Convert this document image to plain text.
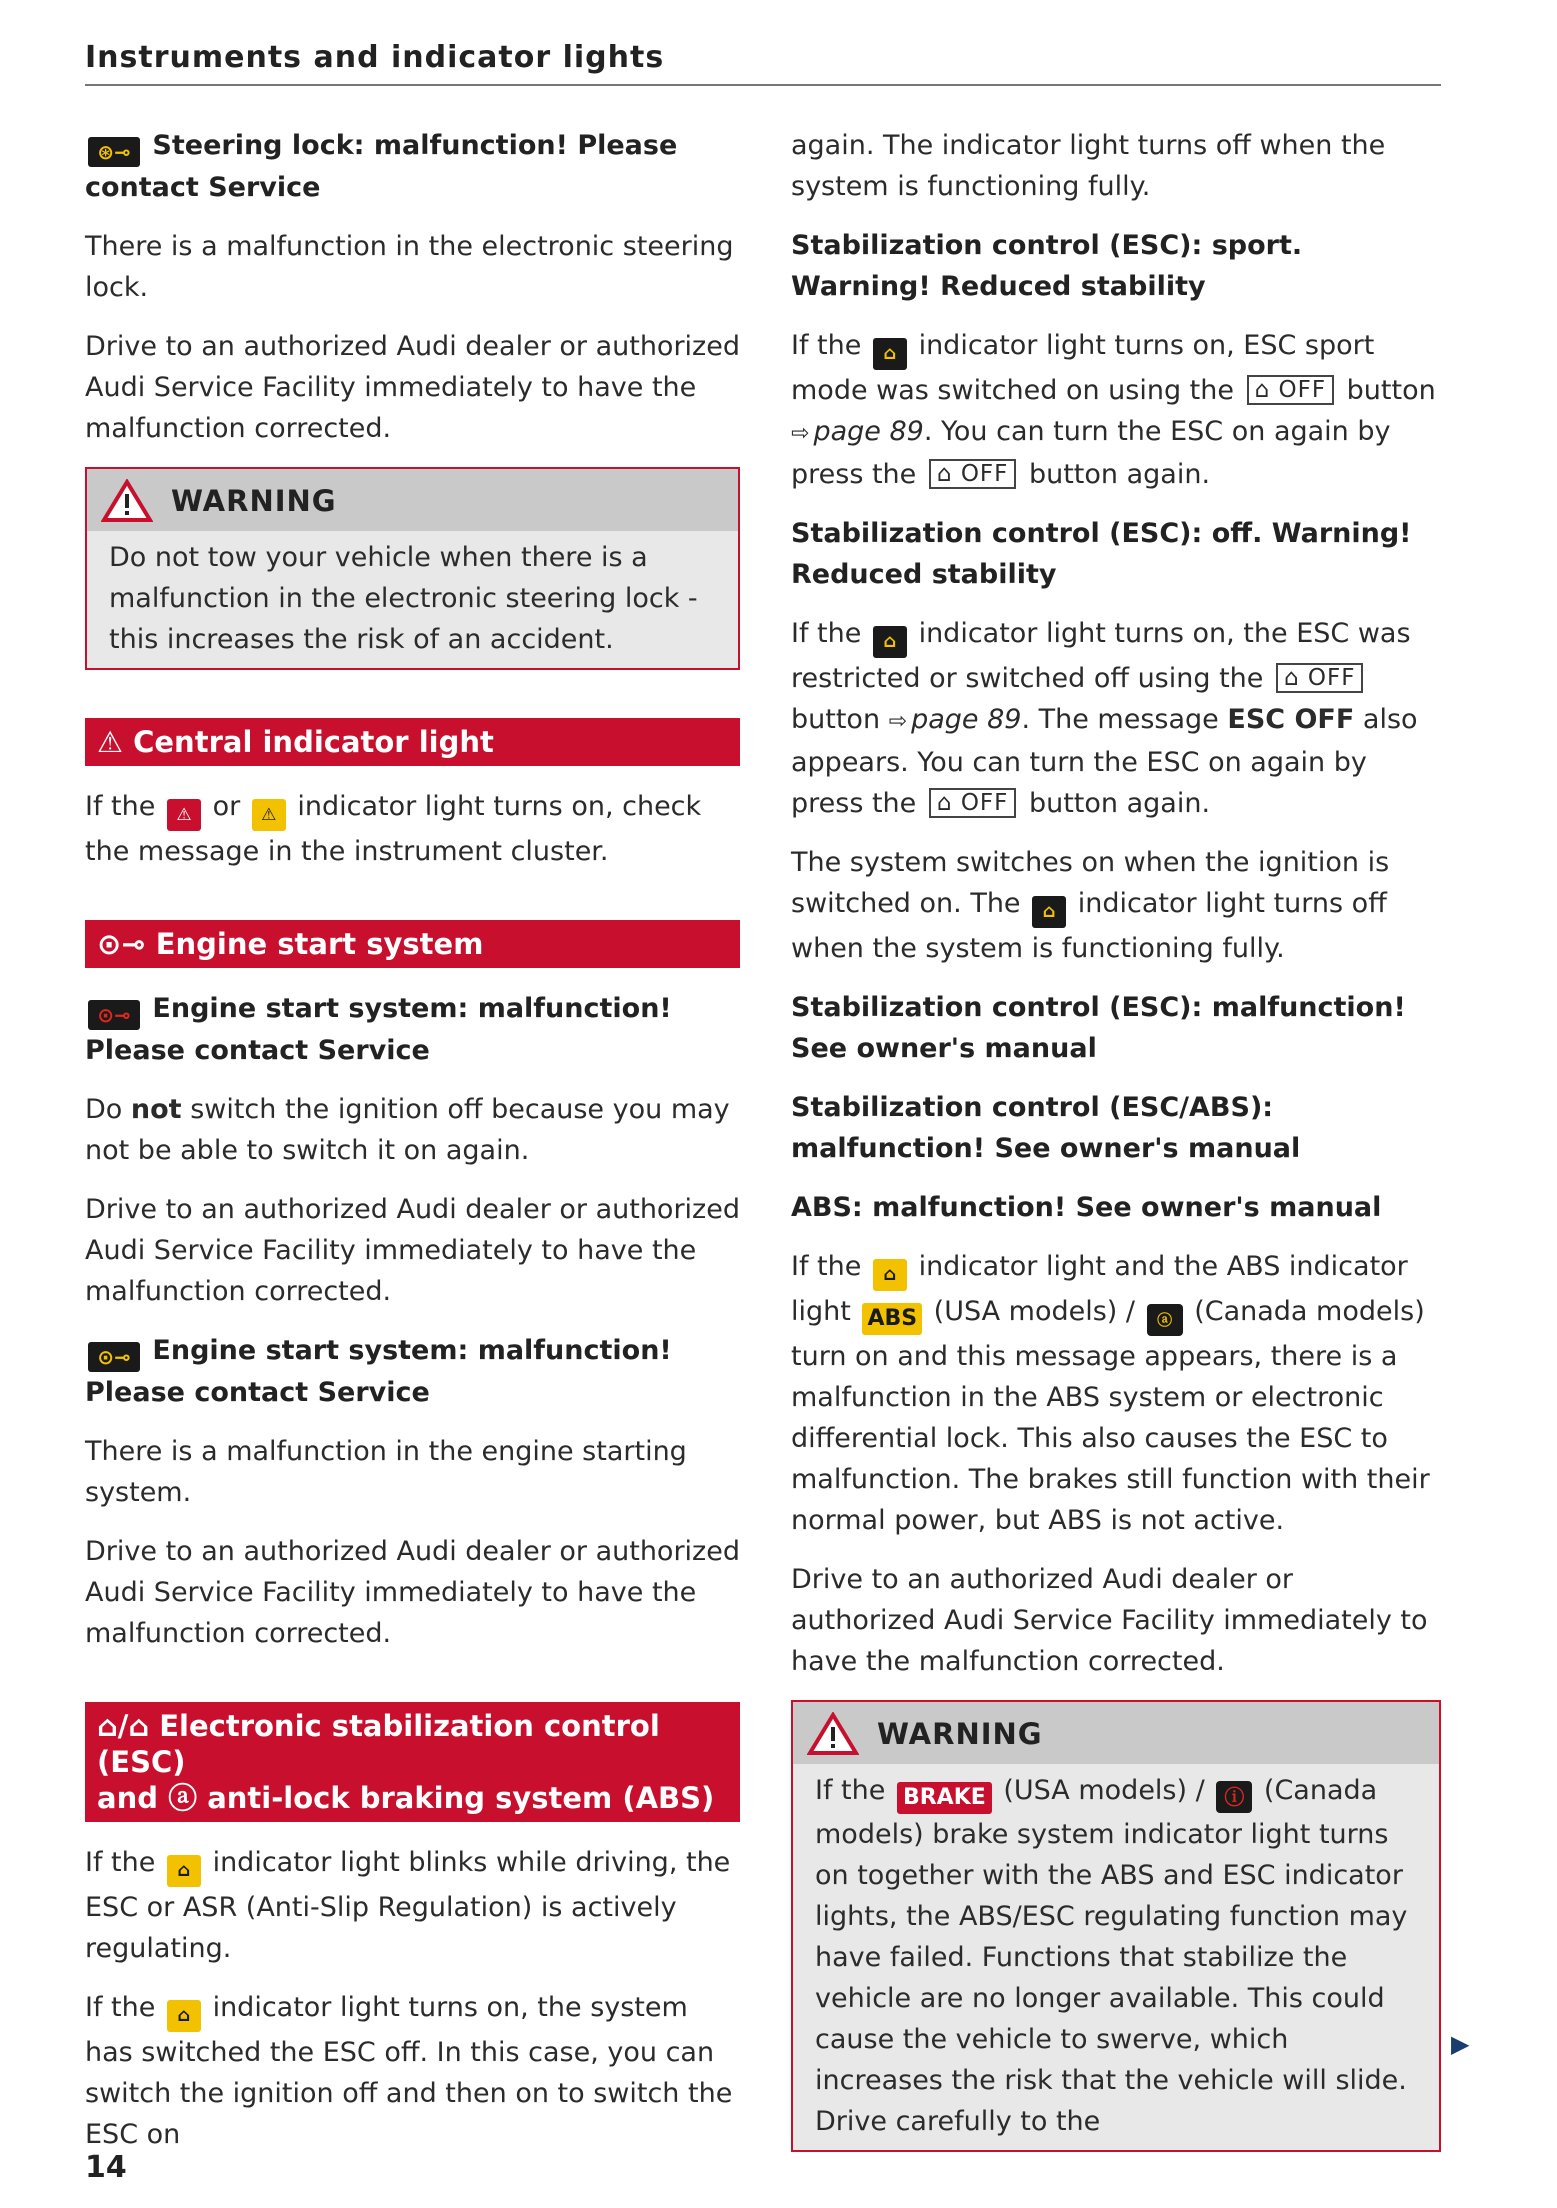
Instruments and indicator lights
⊛⊸ Steering lock: malfunction! Please contact Service

There is a malfunction in the electronic steering lock.

Drive to an authorized Audi dealer or authorized Audi Service Facility immediately to have the malfunction corrected.

WARNING
Do not tow your vehicle when there is a malfunction in the electronic steering lock - this increases the risk of an accident.
⚠ Central indicator light

If the ⚠ or ⚠ indicator light turns on, check the message in the instrument cluster.

⊙⊸ Engine start system
⊙⊸ Engine start system: malfunction! Please contact Service

Do not switch the ignition off because you may not be able to switch it on again.

Drive to an authorized Audi dealer or authorized Audi Service Facility immediately to have the malfunction corrected.

⊙⊸ Engine start system: malfunction! Please contact Service

There is a malfunction in the engine starting system.

Drive to an authorized Audi dealer or authorized Audi Service Facility immediately to have the malfunction corrected.

⌂/⌂ Electronic stabilization control (ESC)
and ⓐ anti-lock braking system (ABS)

If the ⌂ indicator light blinks while driving, the ESC or ASR (Anti-Slip Regulation) is actively regulating.

If the ⌂ indicator light turns on, the system has switched the ESC off. In this case, you can switch the ignition off and then on to switch the ESC on

again. The indicator light turns off when the system is functioning fully.

Stabilization control (ESC): sport. Warning! Reduced stability

If the ⌂ indicator light turns on, ESC sport mode was switched on using the ⌂ OFF button ⇨ page 89. You can turn the ESC on again by press the ⌂ OFF button again.

Stabilization control (ESC): off. Warning! Reduced stability

If the ⌂ indicator light turns on, the ESC was restricted or switched off using the ⌂ OFF button ⇨ page 89. The message ESC OFF also appears. You can turn the ESC on again by press the ⌂ OFF button again.

The system switches on when the ignition is switched on. The ⌂ indicator light turns off when the system is functioning fully.

Stabilization control (ESC): malfunction! See owner's manual
Stabilization control (ESC/ABS): malfunction! See owner's manual
ABS: malfunction! See owner's manual

If the ⌂ indicator light and the ABS indicator light ABS (USA models) / ⓐ (Canada models) turn on and this message appears, there is a malfunction in the ABS system or electronic differential lock. This also causes the ESC to malfunction. The brakes still function with their normal power, but ABS is not active.

Drive to an authorized Audi dealer or authorized Audi Service Facility immediately to have the malfunction corrected.

WARNING
If the BRAKE (USA models) / ⓘ (Canada models) brake system indicator light turns on together with the ABS and ESC indicator lights, the ABS/ESC regulating function may have failed. Functions that stabilize the vehicle are no longer available. This could cause the vehicle to swerve, which increases the risk that the vehicle will slide. Drive carefully to the
▶
14
